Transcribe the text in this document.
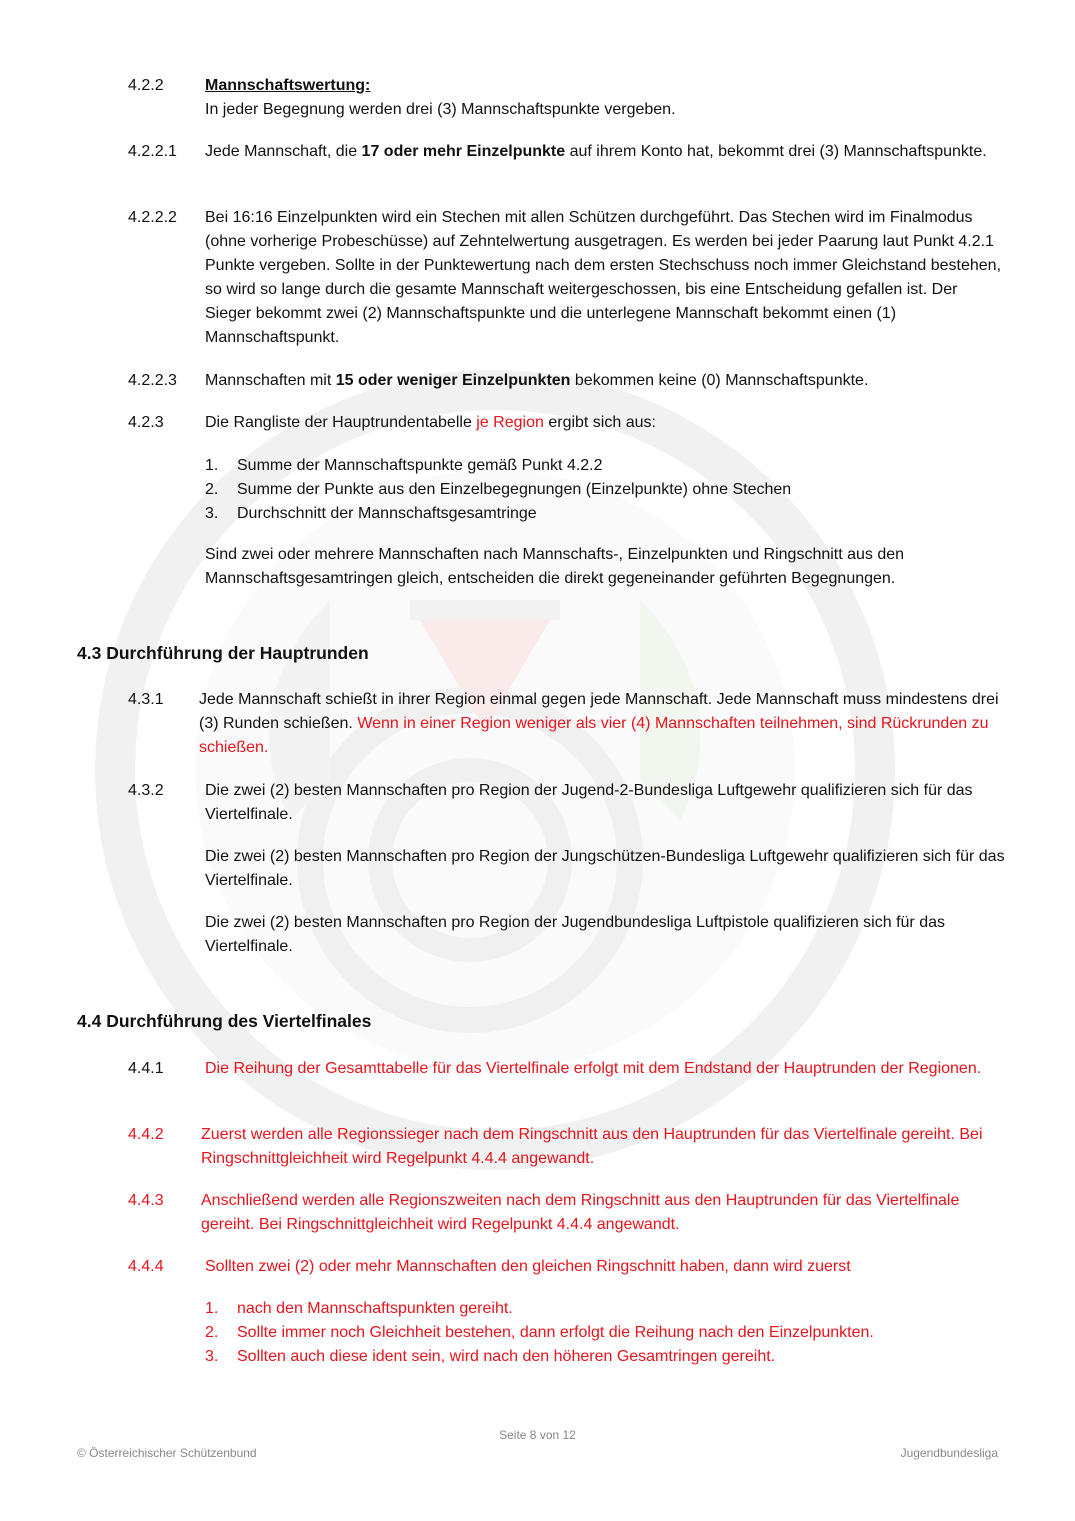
4.2.2	Mannschaftswertung:
In jeder Begegnung werden drei (3) Mannschaftspunkte vergeben.
4.2.2.1	Jede Mannschaft, die 17 oder mehr Einzelpunkte auf ihrem Konto hat, bekommt drei (3) Mannschaftspunkte.
4.2.2.2	Bei 16:16 Einzelpunkten wird ein Stechen mit allen Schützen durchgeführt. Das Stechen wird im Finalmodus (ohne vorherige Probeschüsse) auf Zehntelwertung ausgetragen. Es werden bei jeder Paarung laut Punkt 4.2.1 Punkte vergeben. Sollte in der Punktewertung nach dem ersten Stechschuss noch immer Gleichstand bestehen, so wird so lange durch die gesamte Mannschaft weitergeschossen, bis eine Entscheidung gefallen ist. Der Sieger bekommt zwei (2) Mannschaftspunkte und die unterlegene Mannschaft bekommt einen (1) Mannschaftspunkt.
4.2.2.3	Mannschaften mit 15 oder weniger Einzelpunkten bekommen keine (0) Mannschaftspunkte.
4.2.3	Die Rangliste der Hauptrundentabelle je Region ergibt sich aus:
1.	Summe der Mannschaftspunkte gemäß Punkt 4.2.2
2.	Summe der Punkte aus den Einzelbegegnungen (Einzelpunkte) ohne Stechen
3.	Durchschnitt der Mannschaftsgesamtringe
Sind zwei oder mehrere Mannschaften nach Mannschafts-, Einzelpunkten und Ringschnitt aus den Mannschaftsgesamtringen gleich, entscheiden die direkt gegeneinander geführten Begegnungen.
4.3 Durchführung der Hauptrunden
4.3.1	Jede Mannschaft schießt in ihrer Region einmal gegen jede Mannschaft. Jede Mannschaft muss mindestens drei (3) Runden schießen. Wenn in einer Region weniger als vier (4) Mannschaften teilnehmen, sind Rückrunden zu schießen.
4.3.2	Die zwei (2) besten Mannschaften pro Region der Jugend-2-Bundesliga Luftgewehr qualifizieren sich für das Viertelfinale.
Die zwei (2) besten Mannschaften pro Region der Jungschützen-Bundesliga Luftgewehr qualifizieren sich für das Viertelfinale.
Die zwei (2) besten Mannschaften pro Region der Jugendbundesliga Luftpistole qualifizieren sich für das Viertelfinale.
4.4 Durchführung des Viertelfinales
4.4.1	Die Reihung der Gesamttabelle für das Viertelfinale erfolgt mit dem Endstand der Hauptrunden der Regionen.
4.4.2	Zuerst werden alle Regionssieger nach dem Ringschnitt aus den Hauptrunden für das Viertelfinale gereiht. Bei Ringschnittgleichheit wird Regelpunkt 4.4.4 angewandt.
4.4.3	Anschließend werden alle Regionszweiten nach dem Ringschnitt aus den Hauptrunden für das Viertelfinale gereiht. Bei Ringschnittgleichheit wird Regelpunkt 4.4.4 angewandt.
4.4.4	Sollten zwei (2) oder mehr Mannschaften den gleichen Ringschnitt haben, dann wird zuerst
1.	nach den Mannschaftspunkten gereiht.
2.	Sollte immer noch Gleichheit bestehen, dann erfolgt die Reihung nach den Einzelpunkten.
3.	Sollten auch diese ident sein, wird nach den höheren Gesamtringen gereiht.
Seite 8 von 12
© Österreichischer Schützenbund	Jugendbundesliga
